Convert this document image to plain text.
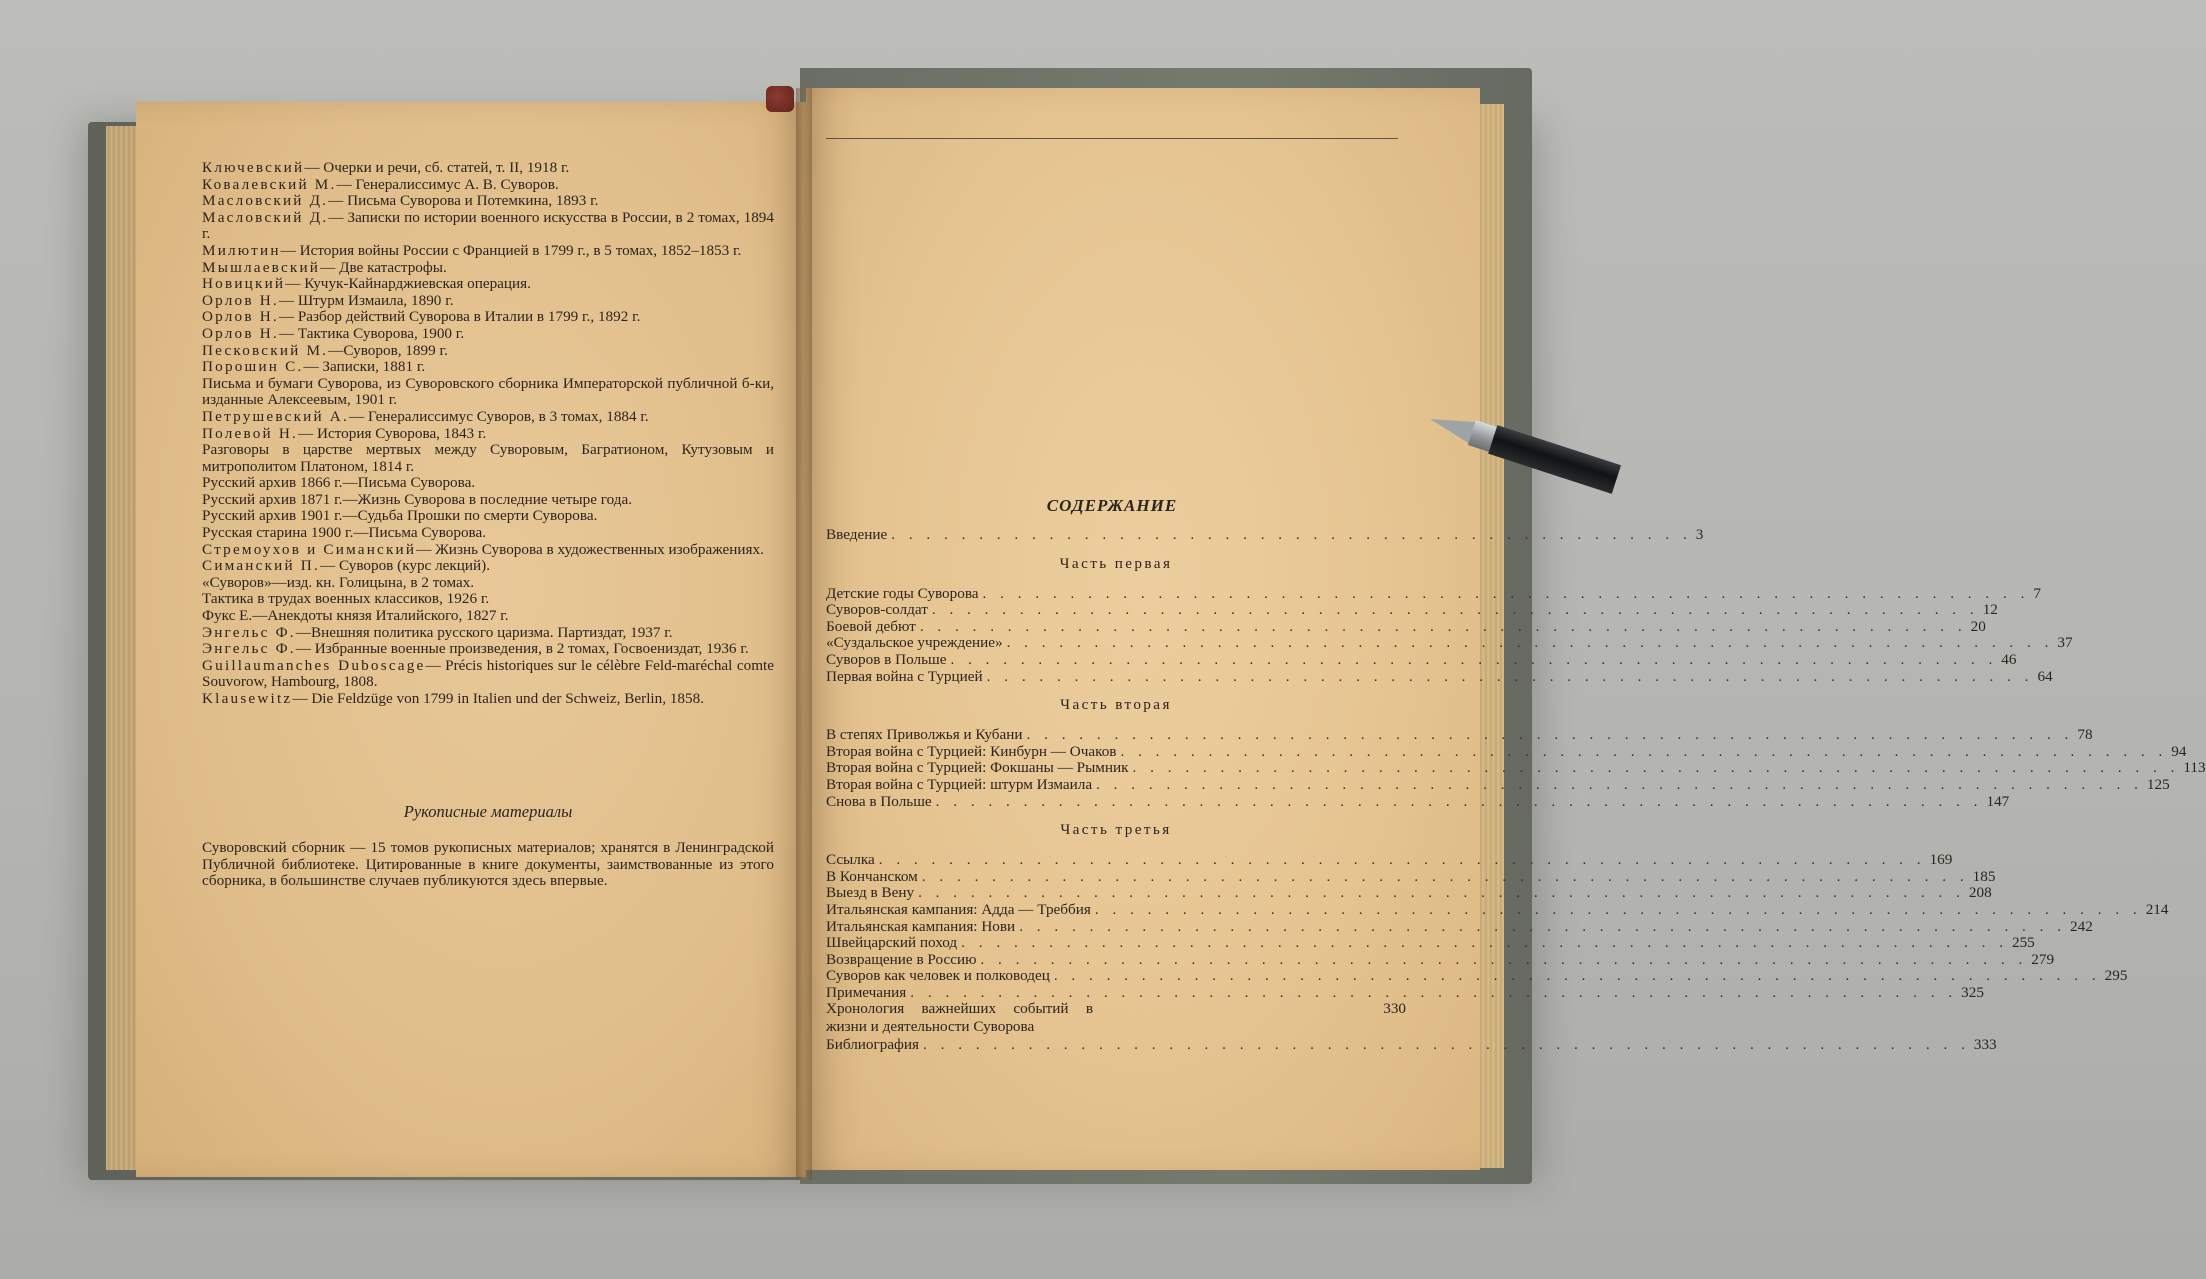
Ключевский— Очерки и речи, сб. статей, т. II, 1918 г.
Ковалевский М.— Генералиссимус А. В. Суворов.
Масловский Д.— Письма Суворова и Потемкина, 1893 г.
Масловский Д.— Записки по истории военного искусства в России, в 2 томах, 1894 г.
Милютин— История войны России с Францией в 1799 г., в 5 томах, 1852–1853 г.
Мышлаевский— Две катастрофы.
Новицкий— Кучук-Кайнарджиевская операция.
Орлов Н.— Штурм Измаила, 1890 г.
Орлов Н.— Разбор действий Суворова в Италии в 1799 г., 1892 г.
Орлов Н.— Тактика Суворова, 1900 г.
Песковский М.—Суворов, 1899 г.
Порошин С.— Записки, 1881 г.
Письма и бумаги Суворова, из Суворовского сборника Императорской публичной б-ки, изданные Алексеевым, 1901 г.
Петрушевский А.— Генералиссимус Суворов, в 3 томах, 1884 г.
Полевой Н.— История Суворова, 1843 г.
Разговоры в царстве мертвых между Суворовым, Багратионом, Кутузовым и митрополитом Платоном, 1814 г.
Русский архив 1866 г.—Письма Суворова.
Русский архив 1871 г.—Жизнь Суворова в последние четыре года.
Русский архив 1901 г.—Судьба Прошки по смерти Суворова.
Русская старина 1900 г.—Письма Суворова.
Стремоухов и Симанский— Жизнь Суворова в художественных изображениях.
Симанский П.— Суворов (курс лекций).
«Суворов»—изд. кн. Голицына, в 2 томах.
Тактика в трудах военных классиков, 1926 г.
Фукс Е.—Анекдоты князя Италийского, 1827 г.
Энгельс Ф.—Внешняя политика русского царизма. Партиздат, 1937 г.
Энгельс Ф.— Избранные военные произведения, в 2 томах, Госвоениздат, 1936 г.
Guillaumanches Duboscage— Précis historiques sur le célèbre Feld-maréchal comte Souvorow, Hambourg, 1808.
Klausewitz— Die Feldzüge von 1799 in Italien und der Schweiz, Berlin, 1858.
Рукописные материалы
Суворовский сборник — 15 томов рукописных материалов; хранятся в Ленинградской Публичной библиотеке. Цитированные в книге документы, заимствованные из этого сборника, в большинстве случаев публикуются здесь впервые.
СОДЕРЖАНИЕ
Введение . . . . . . . . . . . . . . . . . . . . . . . . . . . . . . . . . . . . . . . . . . . . . . 3
Часть первая
Детские годы Суворова . . . . . . . . . . . . . . . . . . . . . . . . . . . . . . . . . . . . . . . . . . . . . . . . . . . . . . . . . . . . 7
Суворов-солдат . . . . . . . . . . . . . . . . . . . . . . . . . . . . . . . . . . . . . . . . . . . . . . . . . . . . . . . . . . . . 12
Боевой дебют . . . . . . . . . . . . . . . . . . . . . . . . . . . . . . . . . . . . . . . . . . . . . . . . . . . . . . . . . . . . 20
«Суздальское учреждение» . . . . . . . . . . . . . . . . . . . . . . . . . . . . . . . . . . . . . . . . . . . . . . . . . . . . . . . . . . . . 37
Суворов в Польше . . . . . . . . . . . . . . . . . . . . . . . . . . . . . . . . . . . . . . . . . . . . . . . . . . . . . . . . . . . . 46
Первая война с Турцией . . . . . . . . . . . . . . . . . . . . . . . . . . . . . . . . . . . . . . . . . . . . . . . . . . . . . . . . . . . . 64
Часть вторая
В степях Приволжья и Кубани . . . . . . . . . . . . . . . . . . . . . . . . . . . . . . . . . . . . . . . . . . . . . . . . . . . . . . . . . . . . 78
Вторая война с Турцией: Кинбурн — Очаков . . . . . . . . . . . . . . . . . . . . . . . . . . . . . . . . . . . . . . . . . . . . . . . . . . . . . . . . . . . . 94
Вторая война с Турцией: Фокшаны — Рымник . . . . . . . . . . . . . . . . . . . . . . . . . . . . . . . . . . . . . . . . . . . . . . . . . . . . . . . . . . . . 113
Вторая война с Турцией: штурм Измаила . . . . . . . . . . . . . . . . . . . . . . . . . . . . . . . . . . . . . . . . . . . . . . . . . . . . . . . . . . . . 125
Снова в Польше . . . . . . . . . . . . . . . . . . . . . . . . . . . . . . . . . . . . . . . . . . . . . . . . . . . . . . . . . . . . 147
Часть третья
Ссылка . . . . . . . . . . . . . . . . . . . . . . . . . . . . . . . . . . . . . . . . . . . . . . . . . . . . . . . . . . . . 169
В Кончанском . . . . . . . . . . . . . . . . . . . . . . . . . . . . . . . . . . . . . . . . . . . . . . . . . . . . . . . . . . . . 185
Выезд в Вену . . . . . . . . . . . . . . . . . . . . . . . . . . . . . . . . . . . . . . . . . . . . . . . . . . . . . . . . . . . . 208
Итальянская кампания: Адда — Треббия . . . . . . . . . . . . . . . . . . . . . . . . . . . . . . . . . . . . . . . . . . . . . . . . . . . . . . . . . . . . 214
Итальянская кампания: Нови . . . . . . . . . . . . . . . . . . . . . . . . . . . . . . . . . . . . . . . . . . . . . . . . . . . . . . . . . . . . 242
Швейцарский поход . . . . . . . . . . . . . . . . . . . . . . . . . . . . . . . . . . . . . . . . . . . . . . . . . . . . . . . . . . . . 255
Возвращение в Россию . . . . . . . . . . . . . . . . . . . . . . . . . . . . . . . . . . . . . . . . . . . . . . . . . . . . . . . . . . . . 279
Суворов как человек и полководец . . . . . . . . . . . . . . . . . . . . . . . . . . . . . . . . . . . . . . . . . . . . . . . . . . . . . . . . . . . . 295
Примечания . . . . . . . . . . . . . . . . . . . . . . . . . . . . . . . . . . . . . . . . . . . . . . . . . . . . . . . . . . . . 325
Хронология важнейших событий в жизни и деятельности Суворова
330
Библиография . . . . . . . . . . . . . . . . . . . . . . . . . . . . . . . . . . . . . . . . . . . . . . . . . . . . . . . . . . . . 333
